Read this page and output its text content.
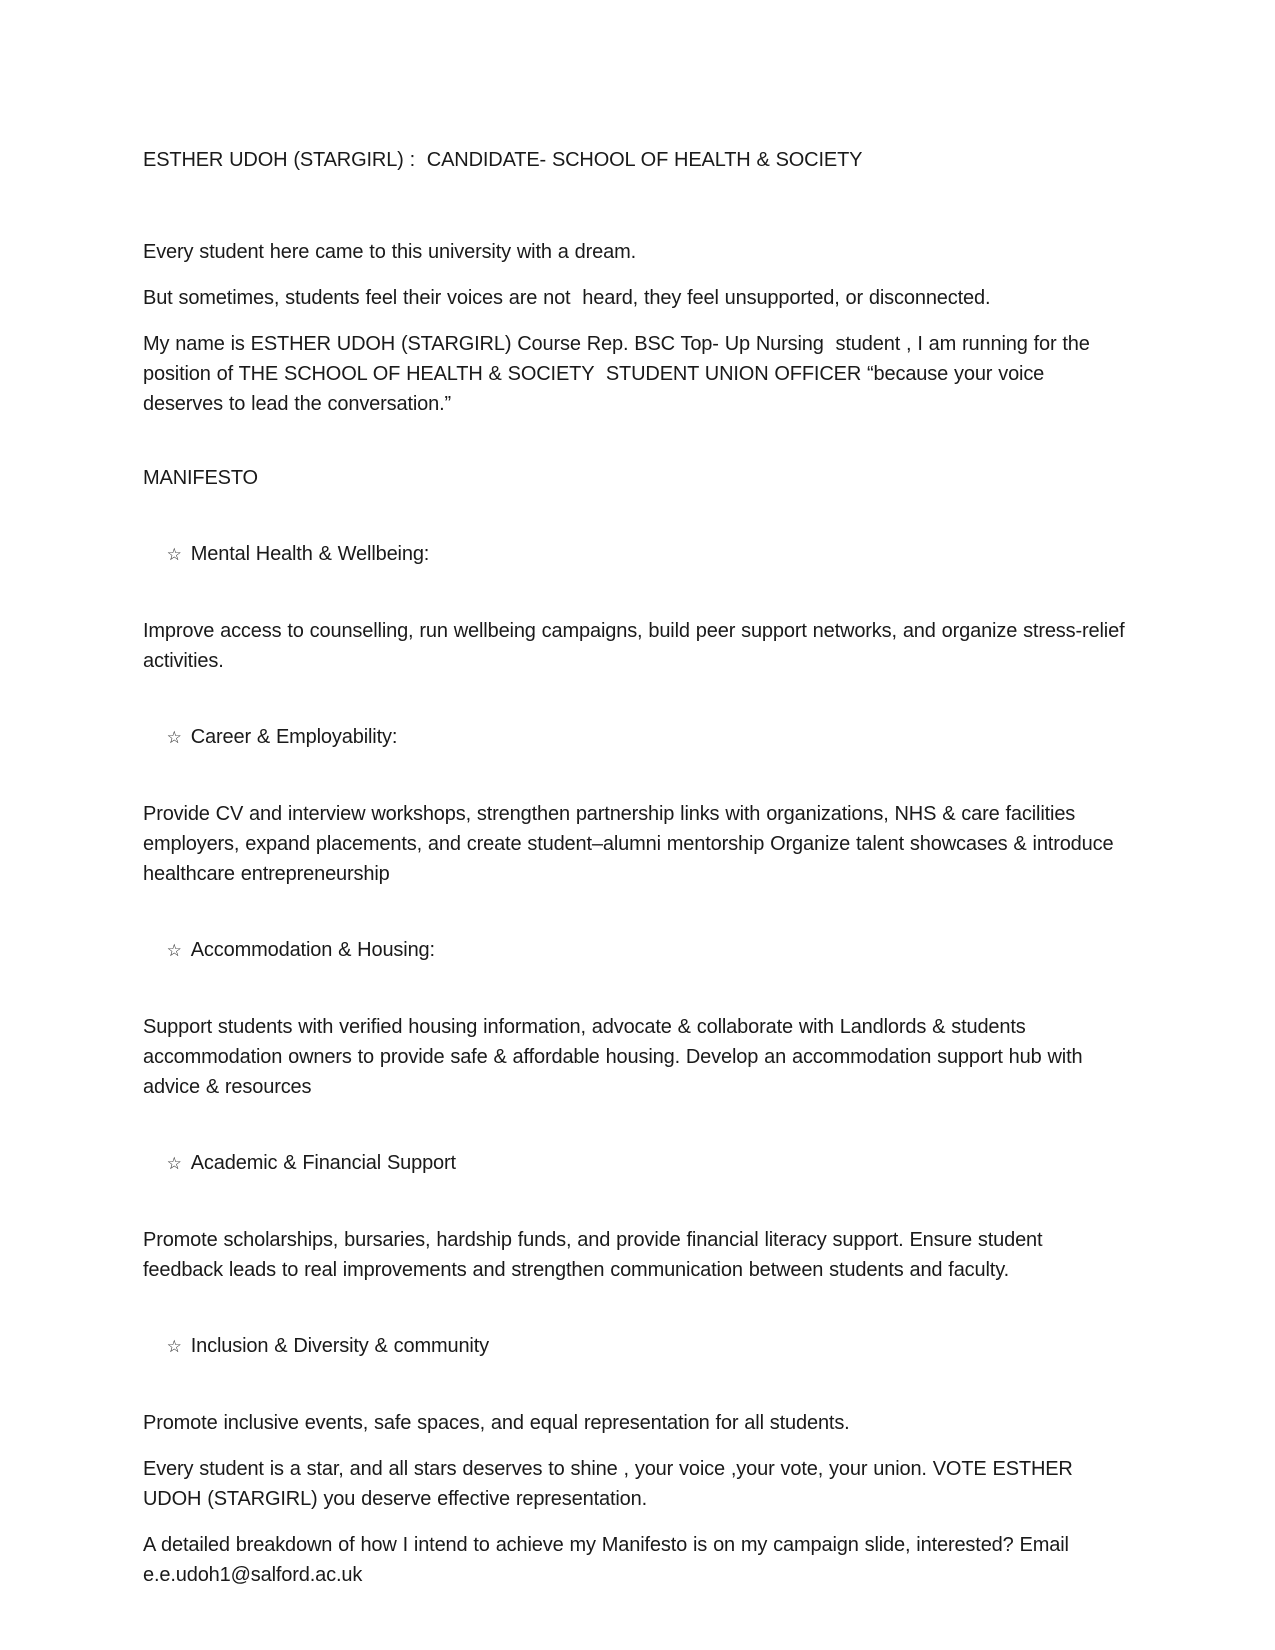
ESTHER UDOH (STARGIRL) :  CANDIDATE- SCHOOL OF HEALTH & SOCIETY

Every student here came to this university with a dream.

But sometimes, students feel their voices are not  heard, they feel unsupported, or disconnected.

My name is ESTHER UDOH (STARGIRL) Course Rep. BSC Top- Up Nursing  student , I am running for the position of THE SCHOOL OF HEALTH & SOCIETY  STUDENT UNION OFFICER “because your voice deserves to lead the conversation.”

MANIFESTO

☆ Mental Health & Wellbeing:

Improve access to counselling, run wellbeing campaigns, build peer support networks, and organize stress-relief activities.

☆ Career & Employability:

Provide CV and interview workshops, strengthen partnership links with organizations, NHS & care facilities employers, expand placements, and create student–alumni mentorship Organize talent showcases & introduce healthcare entrepreneurship

☆ Accommodation & Housing:

Support students with verified housing information, advocate & collaborate with Landlords & students accommodation owners to provide safe & affordable housing. Develop an accommodation support hub with advice & resources

☆ Academic & Financial Support

Promote scholarships, bursaries, hardship funds, and provide financial literacy support. Ensure student feedback leads to real improvements and strengthen communication between students and faculty.

☆ Inclusion & Diversity & community

Promote inclusive events, safe spaces, and equal representation for all students.

Every student is a star, and all stars deserves to shine , your voice ,your vote, your union. VOTE ESTHER UDOH (STARGIRL) you deserve effective representation.

A detailed breakdown of how I intend to achieve my Manifesto is on my campaign slide, interested? Email e.e.udoh1@salford.ac.uk
